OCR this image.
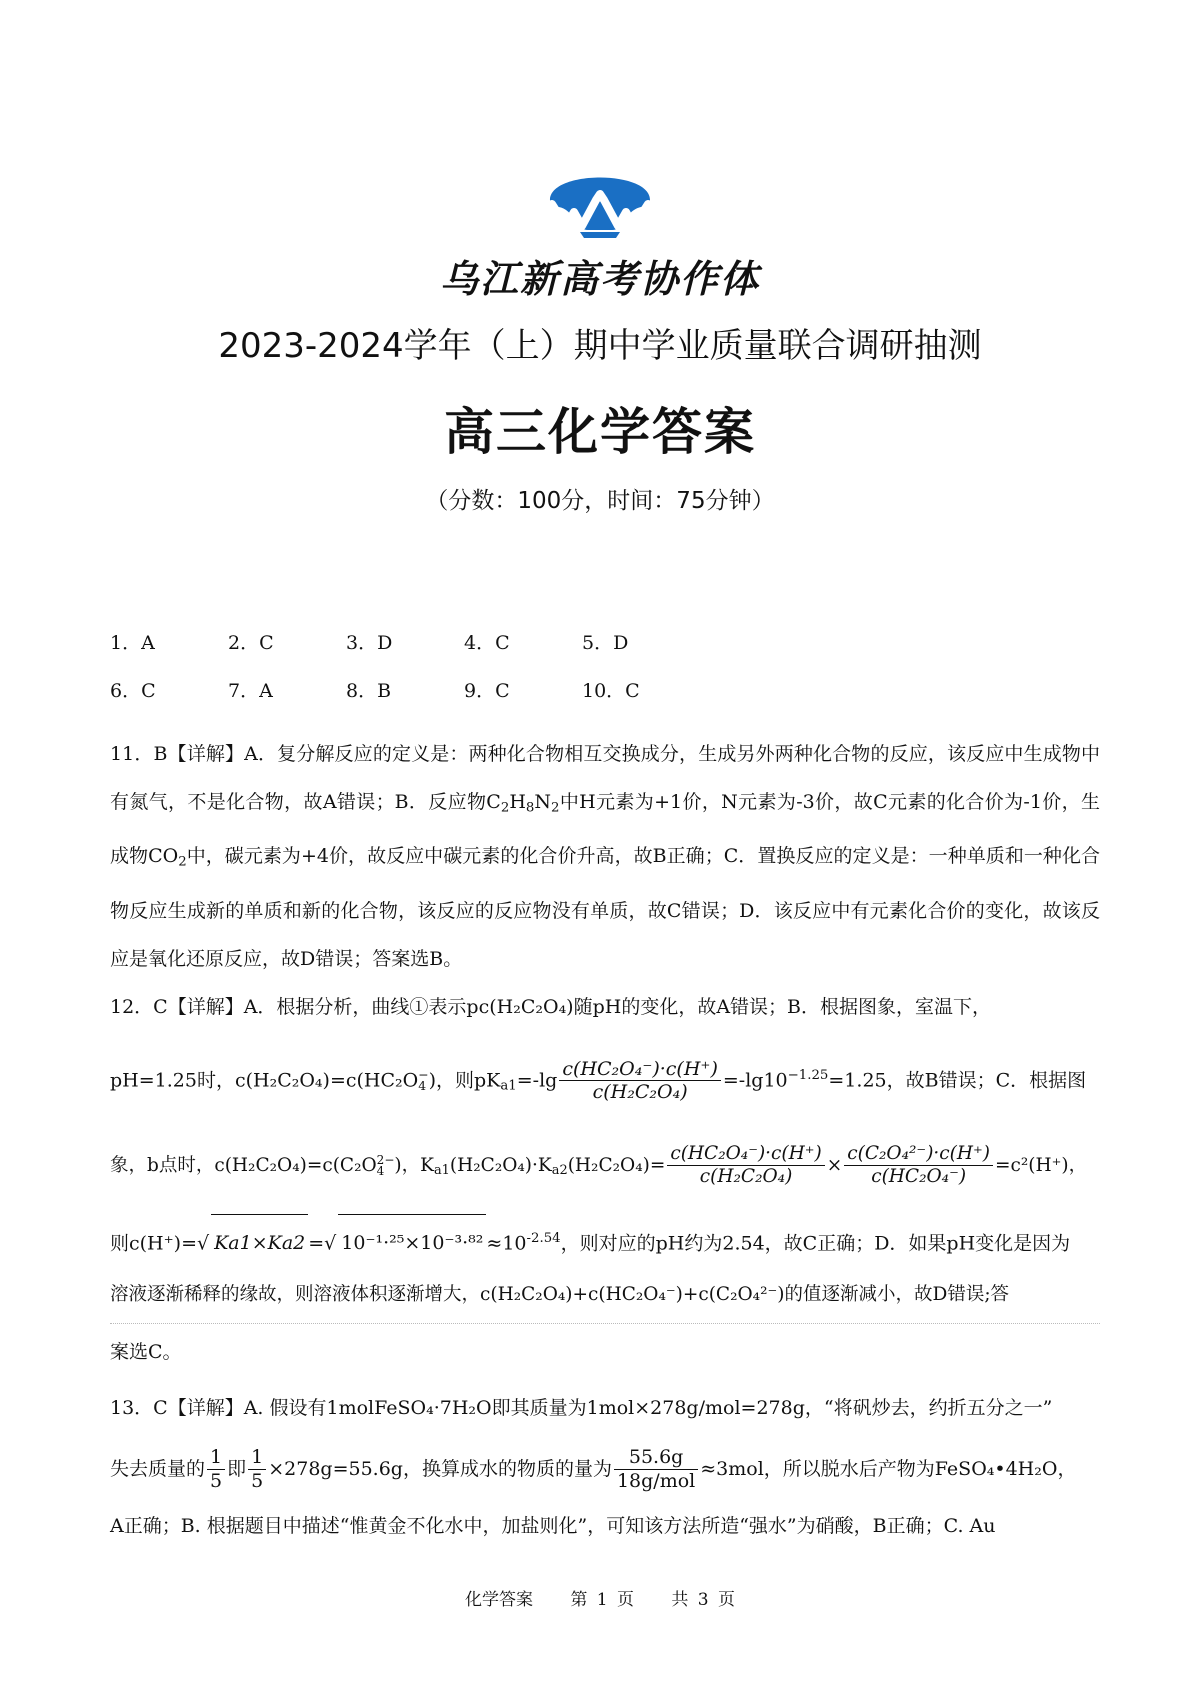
乌江新高考协作体
2023-2024学年（上）期中学业质量联合调研抽测
高三化学答案
（分数：100分，时间：75分钟）
1．A	2．C	3．D	4．C	5．D
6．C	7．A	8．B	9．C	10．C

11．B【详解】A．复分解反应的定义是：两种化合物相互交换成分，生成另外两种化合物的反应，该反应中生成物中有氮气，不是化合物，故A错误；B．反应物$C_2H_8N_2$中H元素为+1价，N元素为-3价，故C元素的化合价为-1价，生成物$CO_2$中，碳元素为+4价，故反应中碳元素的化合价升高，故B正确；C．置换反应的定义是：一种单质和一种化合物反应生成新的单质和新的化合物，该反应的反应物没有单质，故C错误；D．该反应中有元素化合价的变化，故该反应是氧化还原反应，故D错误；答案选B。

12．C【详解】A．根据分析，曲线①表示pc(H₂C₂O₄)随pH的变化，故A错误；B．根据图象，室温下，
pH=1.25时，c(H₂C₂O₄)=c(HC₂O −
4 )，则$pK_{a1}=-\lg \frac{\text{c(HC₂O₄⁻)·c(H⁺)}}{\text{c(H₂C₂O₄)}} =-\lg 10^{-1.25}=1.25$，故B错误；C．根据图
象，b点时，c(H₂C₂O₄)=c(C₂O 2−
4 )，$K_{a1}(H_2C_2O_4)\cdot K_{a2}(H_2C_2O_4)= \frac{\text{c(HC₂O₄⁻)·c(H⁺)}}{\text{c(H₂C₂O₄)}} \times \frac{\text{c(C₂O₄²⁻)·c(H⁺)}}{\text{c(HC₂O₄⁻)}} =c^2(H^+)$，
则c(H⁺)=√ Ka1×Ka2 =√ $10^{-1}\cdot^{25}\times 10^{-3}\cdot^{82} \approx 10^{-2.54}$，则对应的pH约为2.54，故C正确；D．如果pH变化是因为
溶液逐渐稀释的缘故，则溶液体积逐渐增大，c(H₂C₂O₄)+c(HC₂O₄⁻)+c(C₂O₄²⁻)的值逐渐减小，故D错误;答
案选C。
13．C【详解】A. 假设有1molFeSO₄·7H₂O即其质量为1mol×278g/mol=278g，“将矾炒去，约折五分之一”
失去质量的 $\frac{1}{5}$ 即 $\frac{1}{5} \times 278g=55.6g$，换算成水的物质的量为 $\frac{55.6g}{\text{18g/mol}} \approx 3mol$，所以脱水后产物为FeSO₄•4H₂O，
A正确；B. 根据题目中描述“惟黄金不化水中，加盐则化”，可知该方法所造“强水”为硝酸，B正确；C. Au
化学答案 第 1 页 共 3 页
